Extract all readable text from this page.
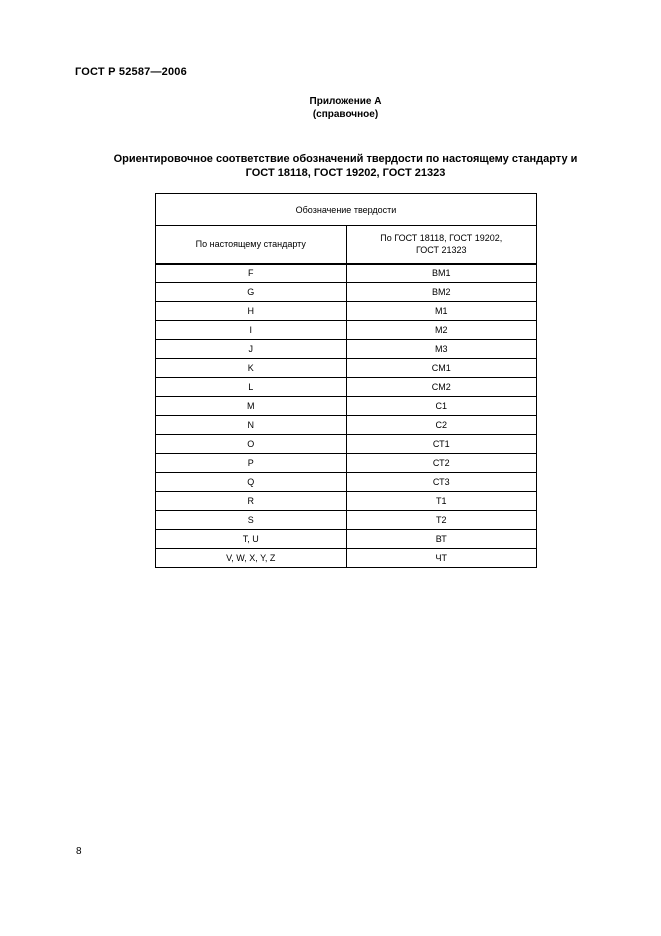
ГОСТ Р 52587—2006
Приложение А
(справочное)
Ориентировочное соответствие обозначений твердости по настоящему стандарту и
ГОСТ 18118, ГОСТ 19202, ГОСТ 21323
Обозначение твердости	
По настоящему стандарту	По ГОСТ 18118, ГОСТ 19202,
ГОСТ 21323
F	ВМ1
G	ВМ2
H	М1
I	М2
J	М3
K	СМ1
L	СМ2
M	С1
N	С2
O	СТ1
P	СТ2
Q	СТ3
R	Т1
S	Т2
T, U	ВТ
V, W, X, Y, Z	ЧТ
8
